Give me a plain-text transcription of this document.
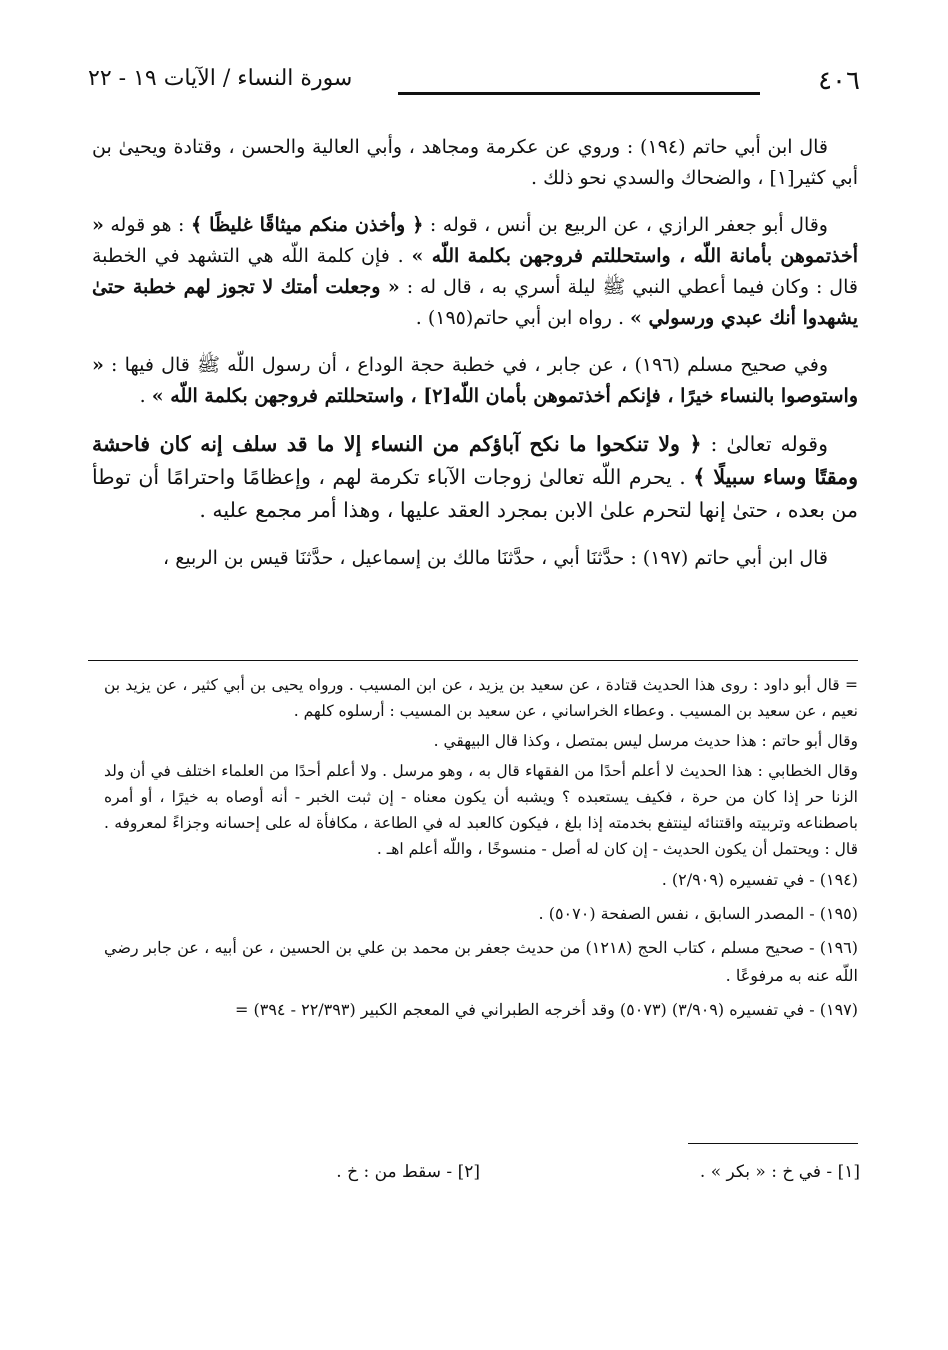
٤٠٦
سورة النساء / الآيات ١٩ - ٢٢

قال ابن أبي حاتم (١٩٤) : وروي عن عكرمة ومجاهد ، وأبي العالية والحسن ، وقتادة ويحيىٰ بن أبي كثير[١] ، والضحاك والسدي نحو ذلك .

وقال أبو جعفر الرازي ، عن الربيع بن أنس ، قوله : ﴿ وأخذن منكم ميثاقًا غليظًا ﴾ : هو قوله « أخذتموهن بأمانة اللّه ، واستحللتم فروجهن بكلمة اللّه » . فإن كلمة اللّه هي التشهد في الخطبة قال : وكان فيما أعطي النبي ﷺ ليلة أسري به ، قال له : « وجعلت أمتك لا تجوز لهم خطبة حتىٰ يشهدوا أنك عبدي ورسولي » . رواه ابن أبي حاتم(١٩٥) .

وفي صحيح مسلم (١٩٦) ، عن جابر ، في خطبة حجة الوداع ، أن رسول اللّه ﷺ قال فيها : « واستوصوا بالنساء خيرًا ، فإنكم أخذتموهن بأمان اللّه[٢] ، واستحللتم فروجهن بكلمة اللّه » .

وقوله تعالىٰ : ﴿ ولا تنكحوا ما نكح آباؤكم من النساء إلا ما قد سلف إنه كان فاحشة ومقتًا وساء سبيلًا ﴾ . يحرم اللّه تعالىٰ زوجات الآباء تكرمة لهم ، وإعظامًا واحترامًا أن توطأ من بعده ، حتىٰ إنها لتحرم علىٰ الابن بمجرد العقد عليها ، وهذا أمر مجمع عليه .

قال ابن أبي حاتم (١٩٧) : حدَّثنَا أبي ، حدَّثنَا مالك بن إسماعيل ، حدَّثنَا قيس بن الربيع ،

= قال أبو داود : روى هذا الحديث قتادة ، عن سعيد بن يزيد ، عن ابن المسيب . ورواه يحيى بن أبي كثير ، عن يزيد بن نعيم ، عن سعيد بن المسيب . وعطاء الخراساني ، عن سعيد بن المسيب : أرسلوه كلهم .

وقال أبو حاتم : هذا حديث مرسل ليس بمتصل ، وكذا قال البيهقي .

وقال الخطابي : هذا الحديث لا أعلم أحدًا من الفقهاء قال به ، وهو مرسل . ولا أعلم أحدًا من العلماء اختلف في أن ولد الزنا حر إذا كان من حرة ، فكيف يستعبده ؟ ويشبه أن يكون معناه - إن ثبت الخبر - أنه أوصاه به خيرًا ، أو أمره باصطناعه وتربيته واقتنائه لينتفع بخدمته إذا بلغ ، فيكون كالعبد له في الطاعة ، مكافأة له على إحسانه وجزاءً لمعروفه . قال : ويحتمل أن يكون الحديث - إن كان له أصل - منسوخًا ، واللّه أعلم اهـ .

(١٩٤) - في تفسيره (٢/٩٠٩) .

(١٩٥) - المصدر السابق ، نفس الصفحة (٥٠٧٠) .

(١٩٦) - صحيح مسلم ، كتاب الحج (١٢١٨) من حديث جعفر بن محمد بن علي بن الحسين ، عن أبيه ، عن جابر رضي اللّه عنه به مرفوعًا .

(١٩٧) - في تفسيره (٣/٩٠٩) (٥٠٧٣) وقد أخرجه الطبراني في المعجم الكبير (٢٢/٣٩٣ - ٣٩٤) =

[١] - في خ : « بكر » .
[٢] - سقط من : خ .
